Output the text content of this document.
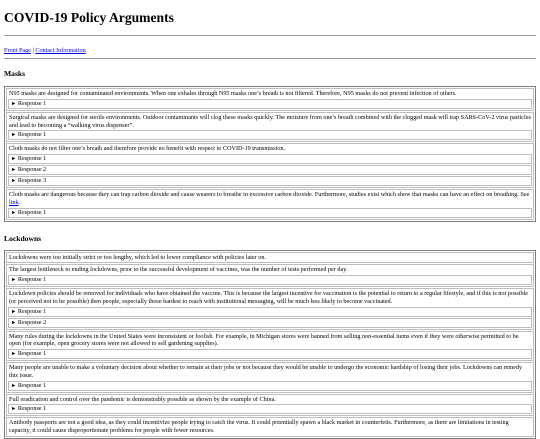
COVID-19 Policy Arguments
Front Page | Contact Information
Masks
N95 masks are designed for contaminated environments. When one exhales through N95 masks one’s breath is not filtered. Therefore, N95 masks do not prevent infection of others.
► Response 1
Surgical masks are designed for sterile environments. Outdoor contaminants will clog these masks quickly. The moisture from one’s breath combined with the clogged mask will trap SARS-CoV-2 virus particles and lead to becoming a “walking virus dispenser”.
► Response 1
Cloth masks do not filter one’s breath and therefore provide no benefit with respect to COVID-19 transmission.
► Response 1
► Response 2
► Response 3
Cloth masks are dangerous because they can trap carbon dioxide and cause wearers to breathe in excessive carbon dioxide. Furthermore, studies exist which show that masks can have an effect on breathing. See link.
► Response 1
Lockdowns
Lockdowns were too initially strict or too lengthy, which led to lower compliance with policies later on.
The largest bottleneck to ending lockdowns, prior to the successful development of vaccines, was the number of tests performed per day.
► Response 1
Lockdown policies should be removed for individuals who have obtained the vaccine. This is because the largest incentive for vaccination is the potential to return to a regular lifestyle, and if this is not possible (or perceived not to be possible) then people, especially those hardest to reach with institutional messaging, will be much less likely to become vaccinated.
► Response 1
► Response 2
Many rules during the lockdowns in the United States were inconsistent or foolish. For example, in Michigan stores were banned from selling non-essential items even if they were otherwise permitted to be open (for example, open grocery stores were not allowed to sell gardening supplies).
► Response 1
Many people are unable to make a voluntary decision about whether to remain at their jobs or not because they would be unable to undergo the economic hardship of losing their jobs. Lockdowns can remedy this issue.
► Response 1
Full eradication and control over the pandemic is demonstrably possible as shown by the example of China.
► Response 1
Antibody passports are not a good idea, as they could incentivize people trying to catch the virus. It could potentially spawn a black market in counterfeits. Furthermore, as there are limitations in testing capacity, it could cause disproportionate problems for people with fewer resources.
